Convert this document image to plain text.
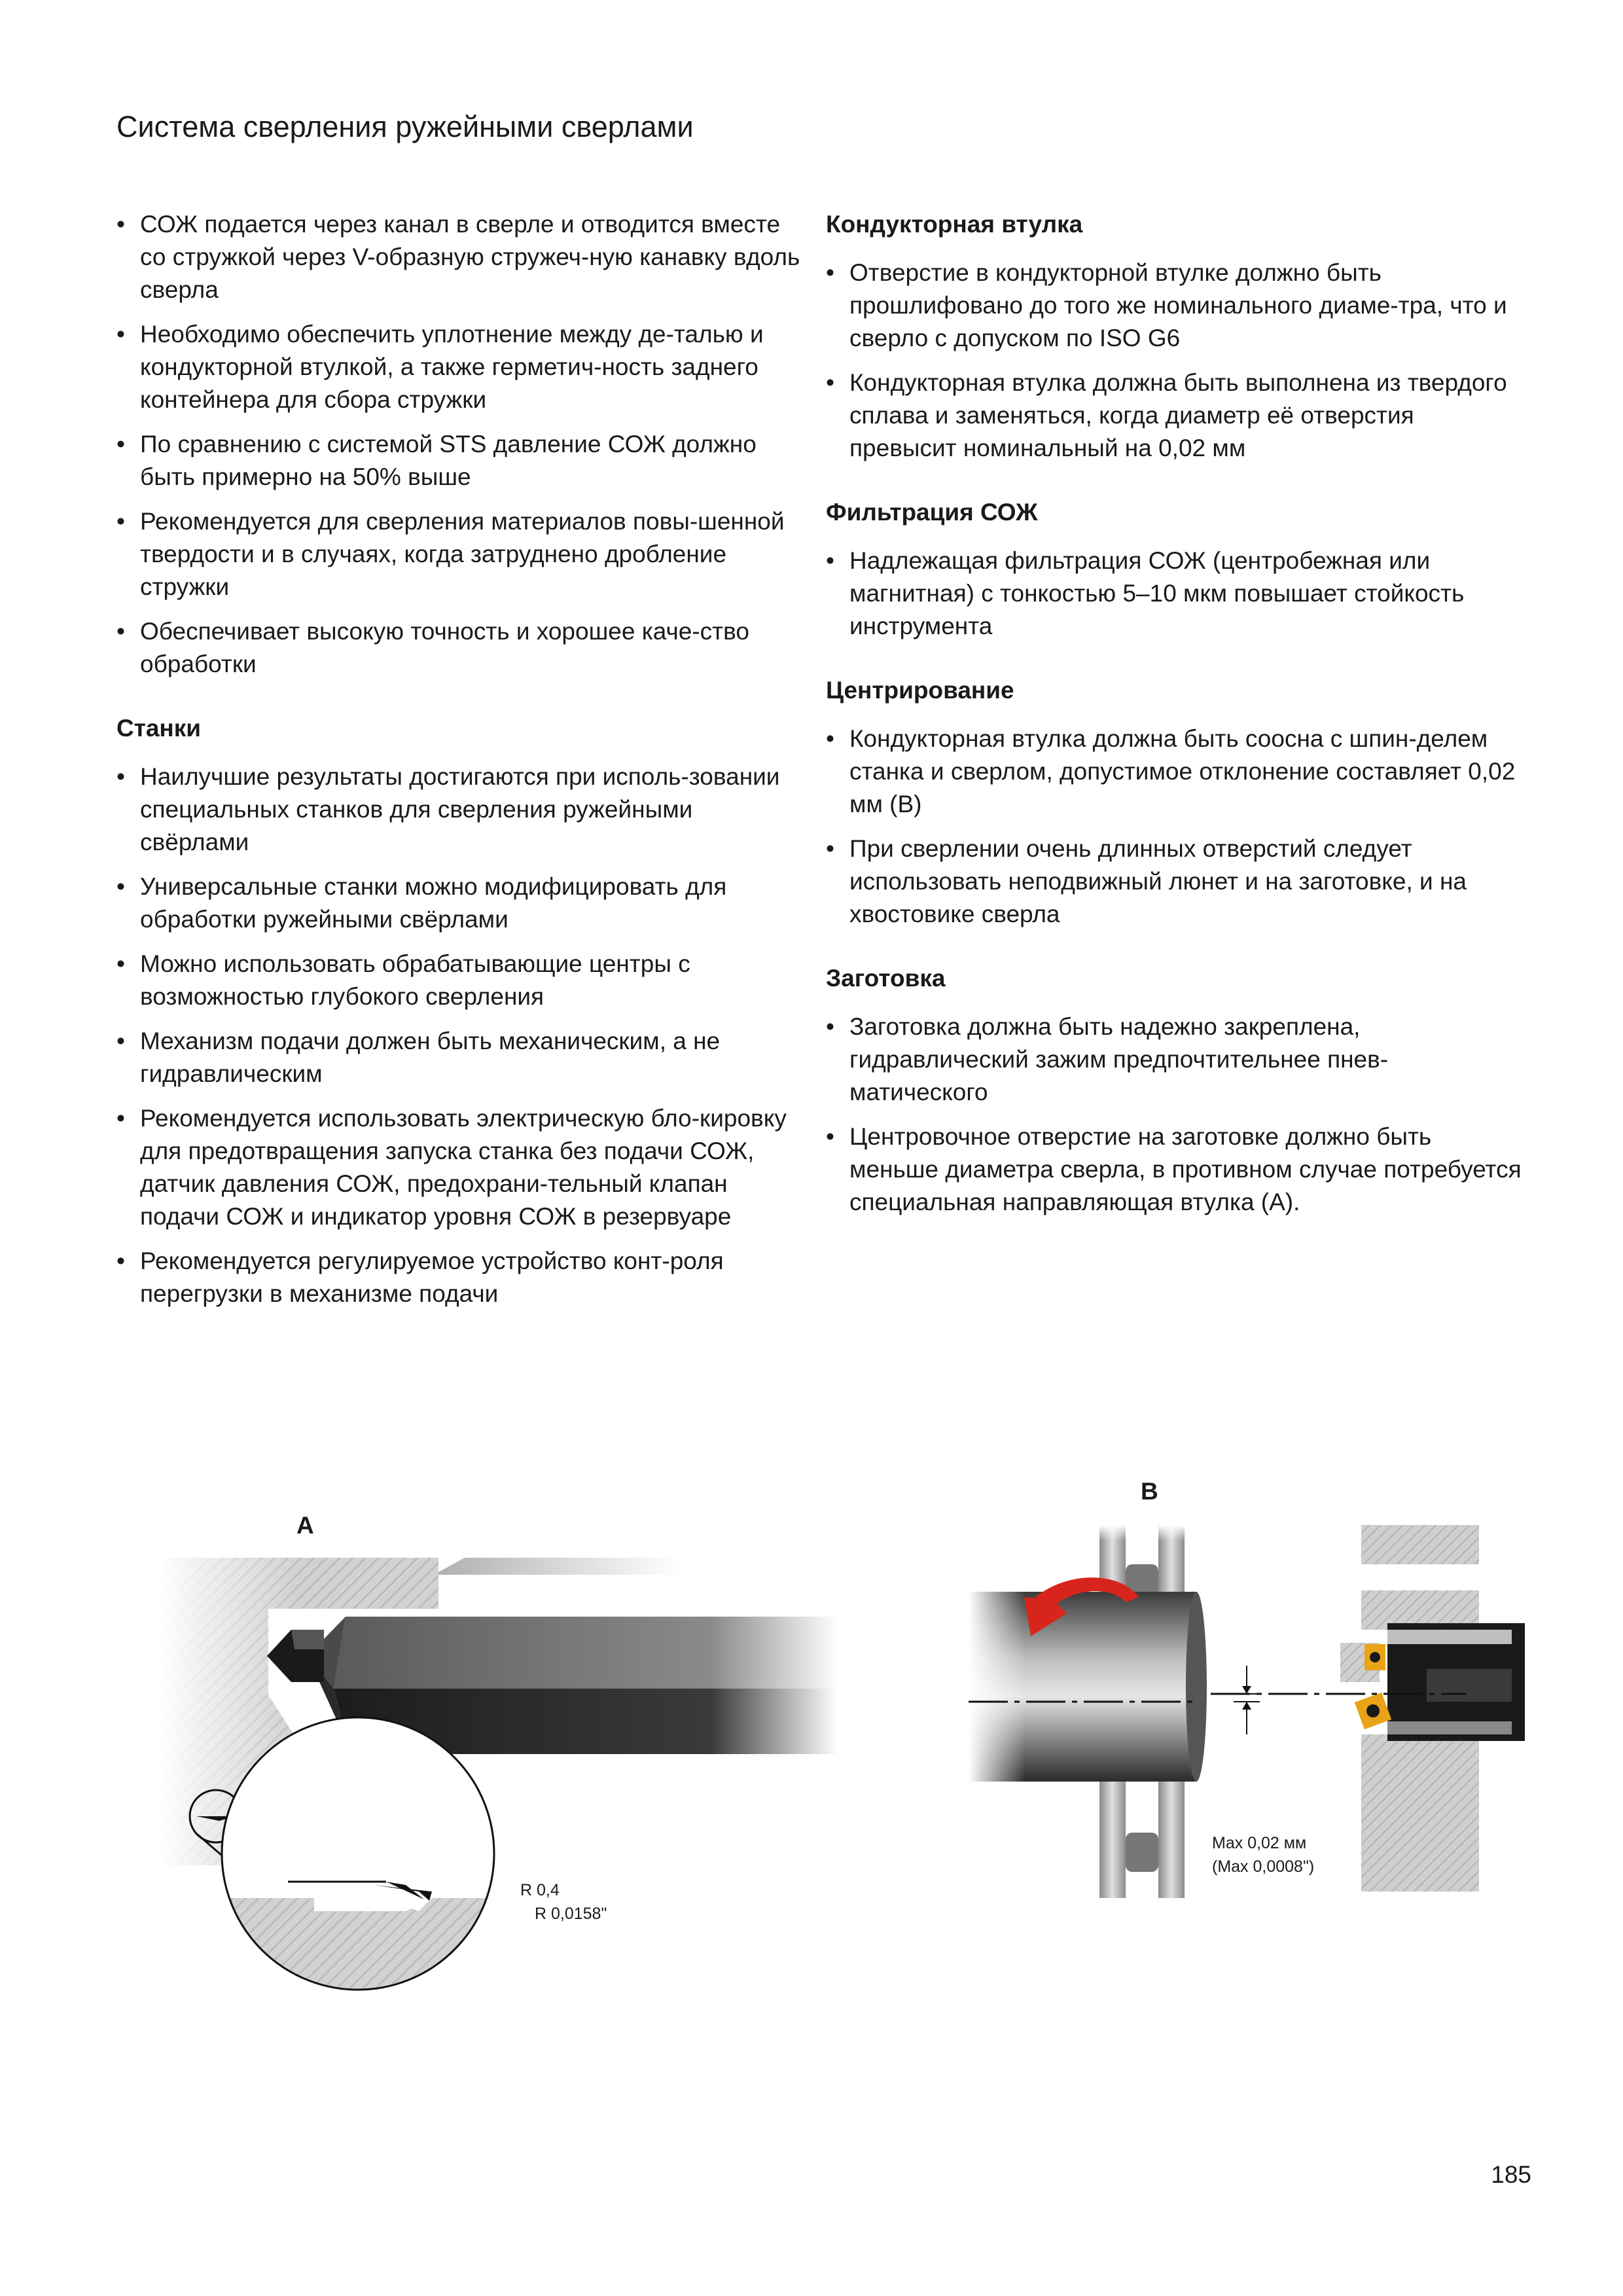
Система сверления ружейными сверлами
• СОЖ подается через канал в сверле и отводится вместе со стружкой через V-образную стружеч-ную канавку вдоль сверла
• Необходимо обеспечить уплотнение между де-талью и кондукторной втулкой, а также герметич-ность заднего контейнера для сбора стружки
• По сравнению с системой STS давление СОЖ должно быть примерно на 50% выше
• Рекомендуется для сверления материалов повы-шенной твердости и в случаях, когда затруднено дробление стружки
• Обеспечивает высокую точность и хорошее каче-ство обработки
Станки
• Наилучшие результаты достигаются при исполь-зовании специальных станков для сверления ружейными свёрлами
• Универсальные станки можно модифицировать для обработки ружейными свёрлами
• Можно использовать обрабатывающие центры с возможностью глубокого сверления
• Механизм подачи должен быть механическим, а не гидравлическим
• Рекомендуется использовать электрическую бло-кировку для предотвращения запуска станка без подачи СОЖ, датчик давления СОЖ, предохрани-тельный клапан подачи СОЖ и индикатор уровня СОЖ в резервуаре
• Рекомендуется регулируемое устройство конт-роля перегрузки в механизме подачи
Кондукторная втулка
• Отверстие в кондукторной втулке должно быть прошлифовано до того же номинального диаме-тра, что и сверло с допуском по ISO G6
• Кондукторная втулка должна быть выполнена из твердого сплава и заменяться, когда диаметр её отверстия превысит номинальный на 0,02 мм
Фильтрация СОЖ
• Надлежащая фильтрация СОЖ (центробежная или магнитная) с тонкостью 5–10 мкм повышает стойкость инструмента
Центрирование
• Кондукторная втулка должна быть соосна с шпин-делем станка и сверлом, допустимое отклонение составляет 0,02 мм (B)
• При сверлении очень длинных отверстий следует использовать неподвижный люнет и на заготовке, и на хвостовике сверла
Заготовка
• Заготовка должна быть надежно закреплена, гидравлический зажим предпочтительнее пнев-матического
• Центровочное отверстие на заготовке должно быть меньше диаметра сверла, в противном случае потребуется специальная направляющая втулка (А).
A
R 0,4
R 0,0158"
B
Max 0,02 мм
(Max 0,0008")
185
